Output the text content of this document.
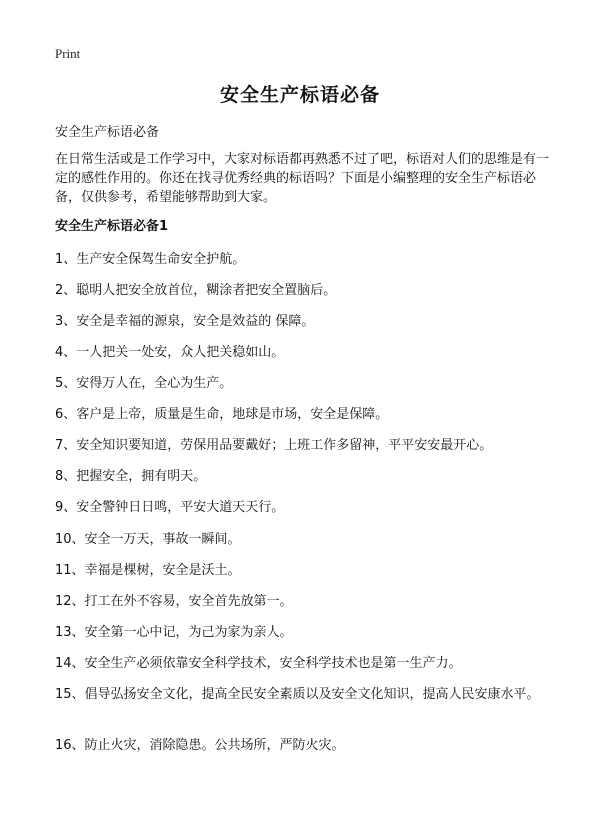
Print
安全生产标语必备
安全生产标语必备

在日常生活或是工作学习中，大家对标语都再熟悉不过了吧，标语对人们的思维是有一定的感性作用的。你还在找寻优秀经典的标语吗？下面是小编整理的安全生产标语必备，仅供参考，希望能够帮助到大家。

安全生产标语必备1
1、生产安全保驾生命安全护航。
2、聪明人把安全放首位，糊涂者把安全置脑后。
3、安全是幸福的源泉，安全是效益的 保障。
4、一人把关一处安，众人把关稳如山。
5、安得万人在，全心为生产。
6、客户是上帝，质量是生命，地球是市场，安全是保障。
7、安全知识要知道，劳保用品要戴好；上班工作多留神，平平安安最开心。
8、把握安全，拥有明天。
9、安全警钟日日鸣，平安大道天天行。
10、安全一万天，事故一瞬间。
11、幸福是棵树，安全是沃土。
12、打工在外不容易，安全首先放第一。
13、安全第一心中记，为己为家为亲人。
14、安全生产必须依靠安全科学技术，安全科学技术也是第一生产力。
15、倡导弘扬安全文化，提高全民安全素质以及安全文化知识，提高人民安康水平。
16、防止火灾，消除隐患。公共场所，严防火灾。
